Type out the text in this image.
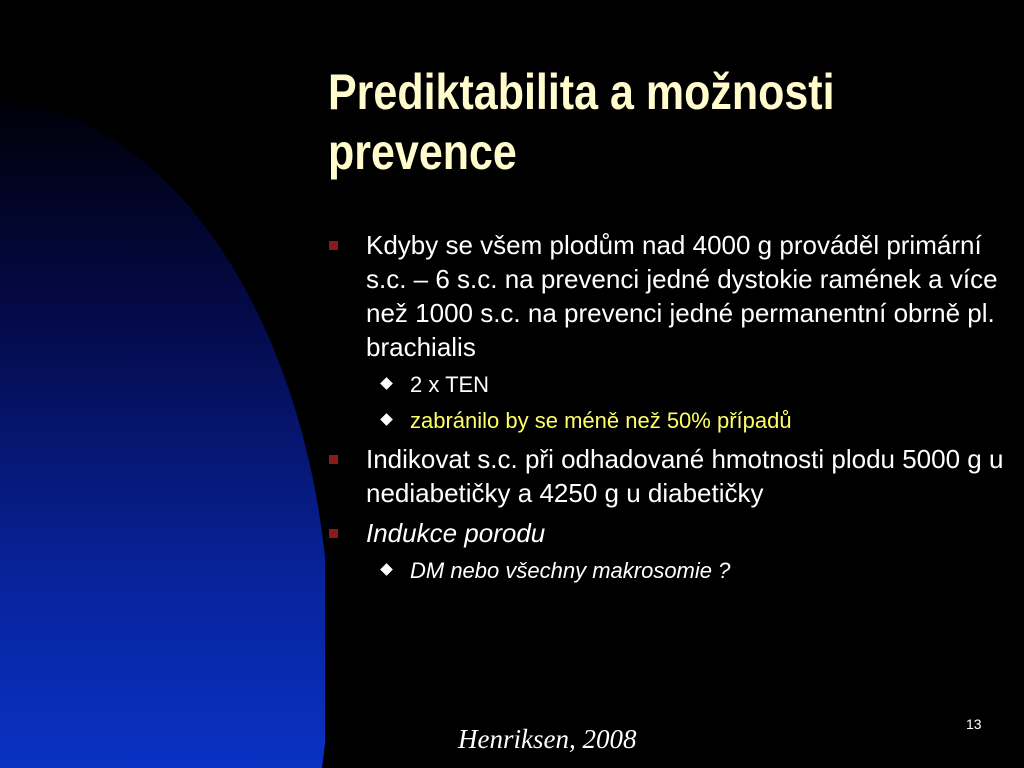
Prediktabilita a možnosti prevence
Kdyby se všem plodům nad 4000 g prováděl primární s.c. – 6 s.c. na prevenci jedné dystokie ramének a více než 1000 s.c. na prevenci jedné permanentní obrně pl. brachialis
2 x TEN
zabránilo by se méně než 50% případů
Indikovat s.c. při odhadované hmotnosti plodu 5000 g u nediabetičky a 4250 g u diabetičky
Indukce porodu
DM nebo všechny makrosomie ?
Henriksen, 2008	13
